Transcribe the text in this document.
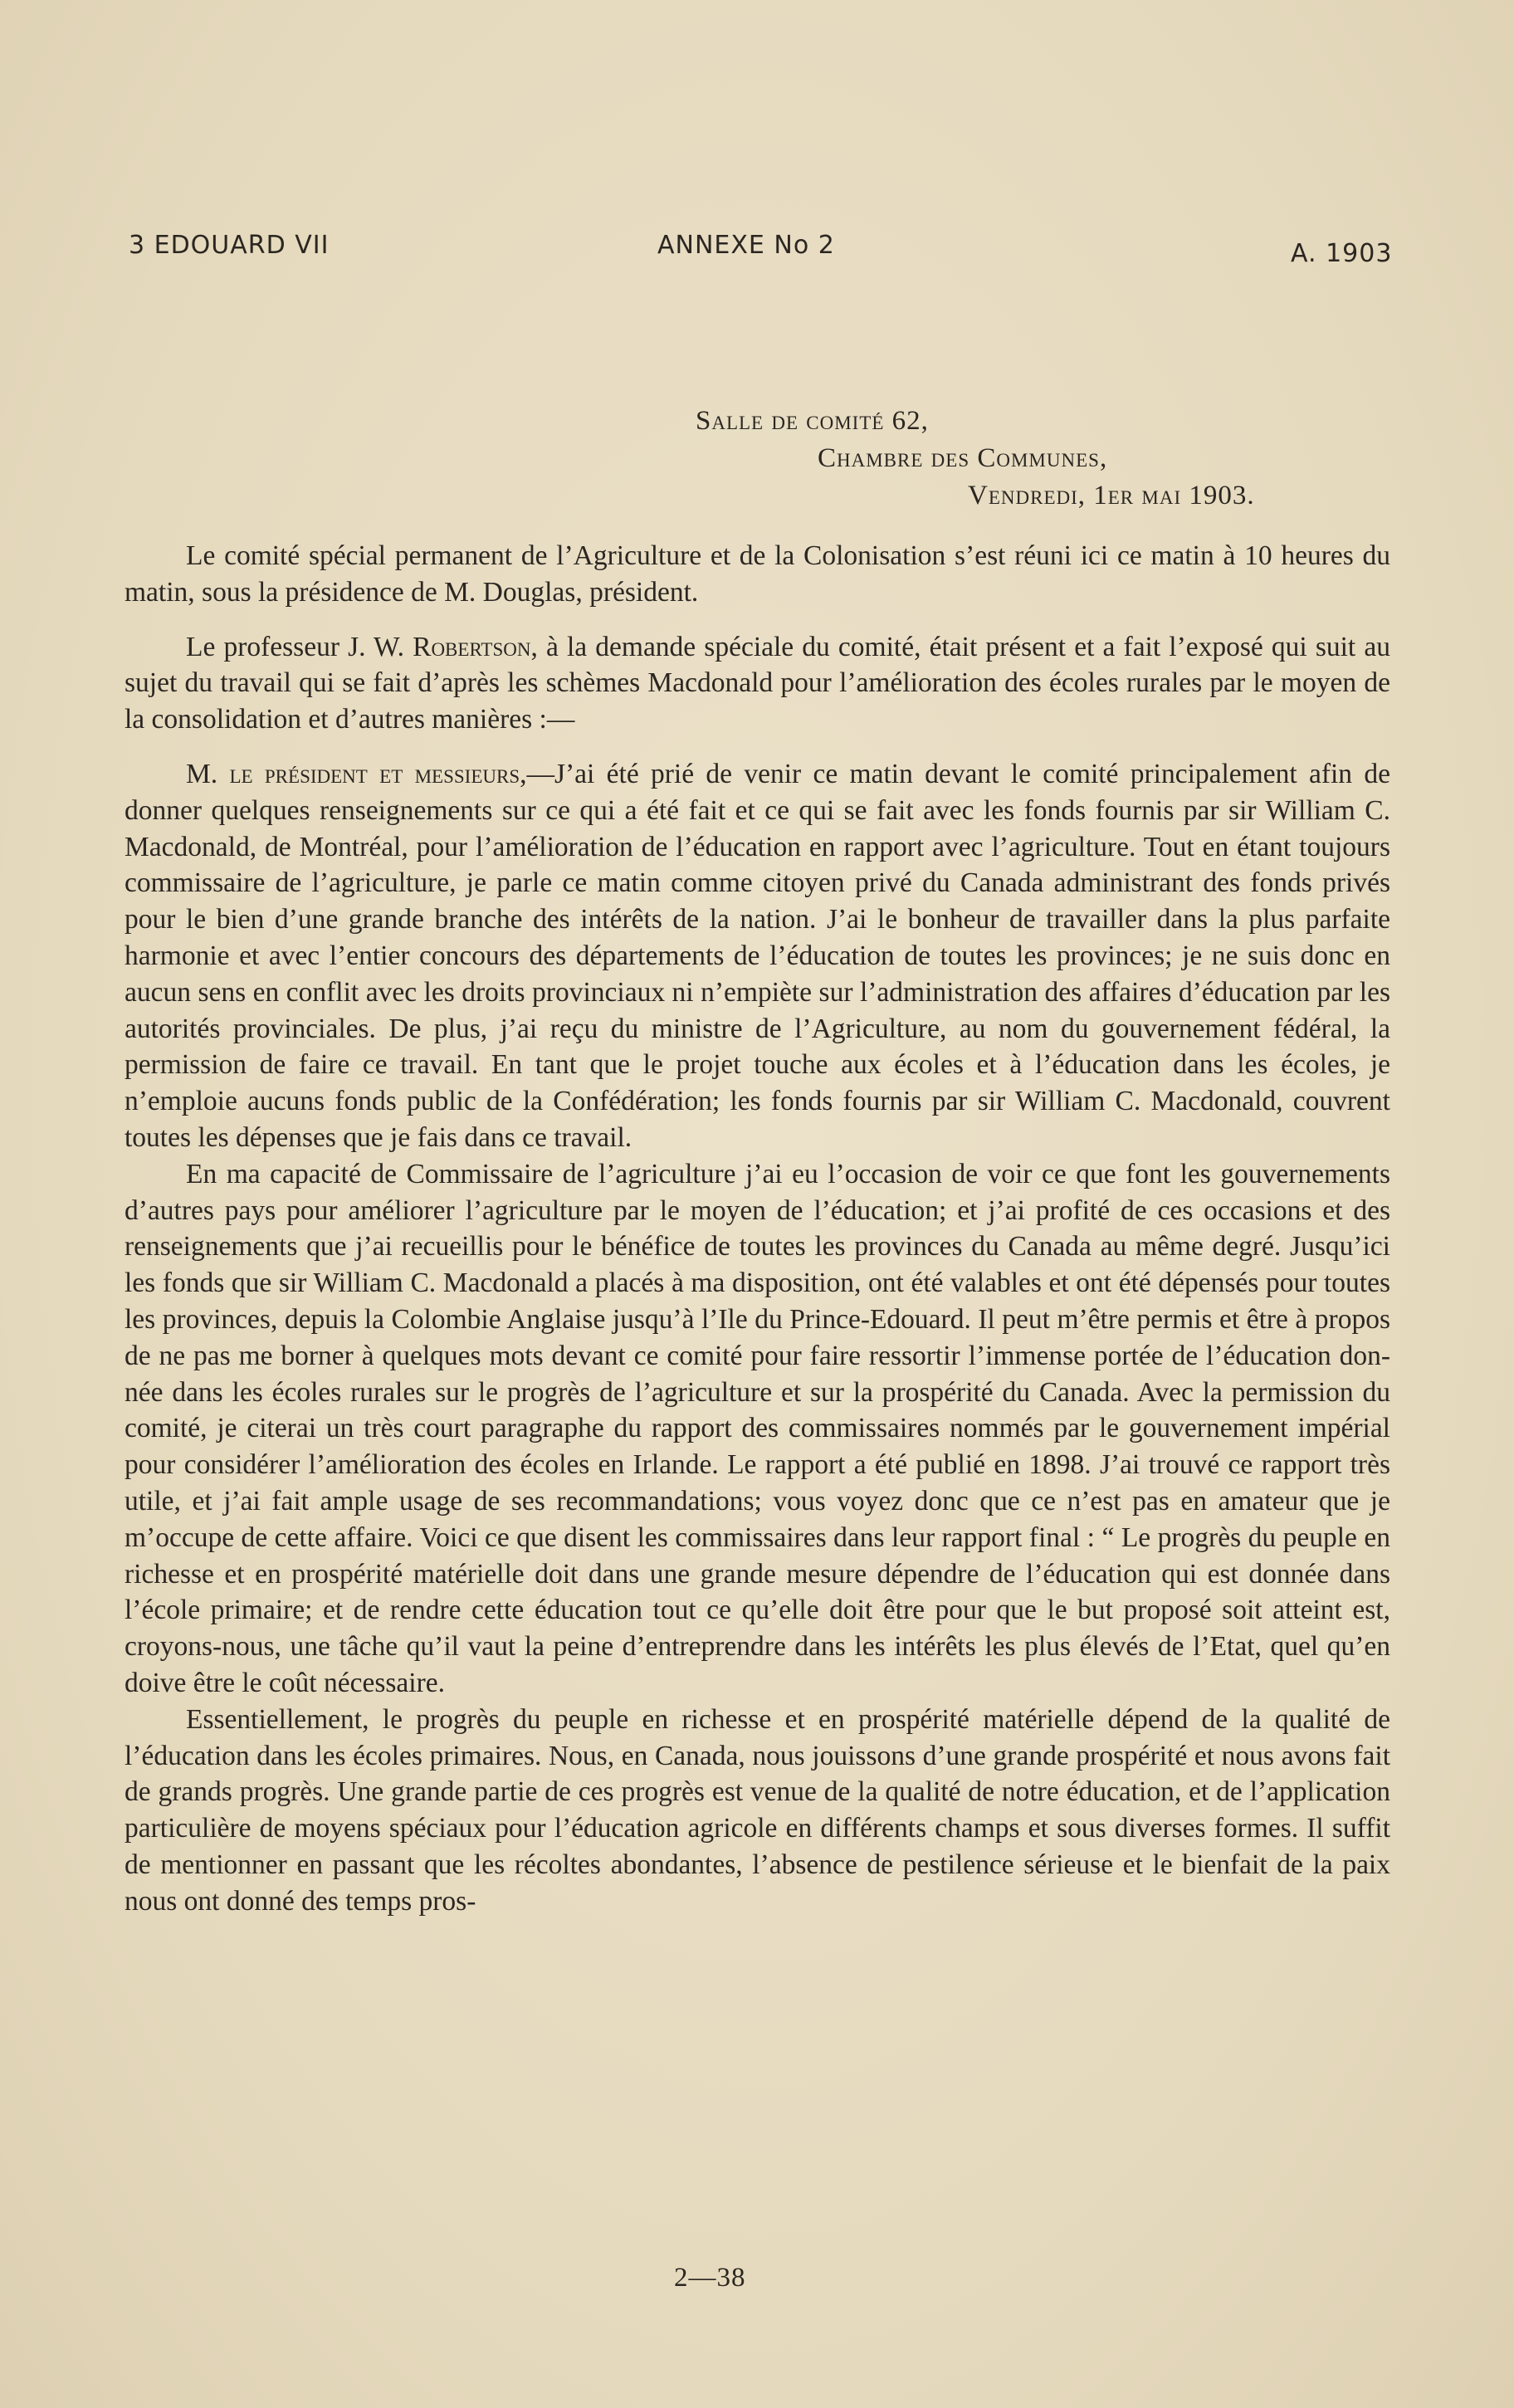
3 EDOUARD VII	ANNEXE No 2	A. 1903
Salle de comité 62,
Chambre des Communes,
Vendredi, 1er mai 1903.

Le comité spécial permanent de l’Agriculture et de la Colonisation s’est réuni ici ce matin à 10 heures du matin, sous la présidence de M. Douglas, président.

Le professeur J. W. Robertson, à la demande spéciale du comité, était présent et a fait l’exposé qui suit au sujet du travail qui se fait d’après les schèmes Macdonald pour l’amélioration des écoles rurales par le moyen de la consolidation et d’autres manières :—

M. le président et messieurs,—J’ai été prié de venir ce matin devant le comité principalement afin de donner quelques renseignements sur ce qui a été fait et ce qui se fait avec les fonds fournis par sir William C. Macdonald, de Montréal, pour l’amélioration de l’éducation en rapport avec l’agriculture. Tout en étant toujours commissaire de l’agriculture, je parle ce matin comme citoyen privé du Canada administrant des fonds privés pour le bien d’une grande branche des intérêts de la nation. J’ai le bonheur de travailler dans la plus parfaite harmonie et avec l’entier concours des départements de l’éducation de toutes les provinces; je ne suis donc en aucun sens en conflit avec les droits provinciaux ni n’empiète sur l’administration des affaires d’éducation par les autorités provinciales. De plus, j’ai reçu du ministre de l’Agriculture, au nom du gouvernement fédéral, la permission de faire ce travail. En tant que le projet touche aux écoles et à l’éducation dans les écoles, je n’emploie aucuns fonds public de la Confédération; les fonds fournis par sir William C. Macdonald, couvrent toutes les dépenses que je fais dans ce travail.

En ma capacité de Commissaire de l’agriculture j’ai eu l’occasion de voir ce que font les gouvernements d’autres pays pour améliorer l’agriculture par le moyen de l’éducation; et j’ai profité de ces occasions et des renseignements que j’ai recueillis pour le bénéfice de toutes les provinces du Canada au même degré. Jusqu’ici les fonds que sir William C. Macdonald a placés à ma disposition, ont été valables et ont été dépensés pour toutes les provinces, depuis la Colombie Anglaise jusqu’à l’Ile du Prince-Edouard. Il peut m’être permis et être à propos de ne pas me borner à quelques mots devant ce comité pour faire ressortir l’immense portée de l’éducation donnée dans les écoles rurales sur le progrès de l’agriculture et sur la prospérité du Canada. Avec la permission du comité, je citerai un très court paragraphe du rapport des commissaires nommés par le gouvernement impérial pour considérer l’amélioration des écoles en Irlande. Le rapport a été publié en 1898. J’ai trouvé ce rapport très utile, et j’ai fait ample usage de ses recommandations; vous voyez donc que ce n’est pas en amateur que je m’occupe de cette affaire. Voici ce que disent les commissaires dans leur rapport final : “ Le progrès du peuple en richesse et en prospérité matérielle doit dans une grande mesure dépendre de l’éducation qui est donnée dans l’école primaire; et de rendre cette éducation tout ce qu’elle doit être pour que le but proposé soit atteint est, croyons-nous, une tâche qu’il vaut la peine d’entreprendre dans les intérêts les plus élevés de l’Etat, quel qu’en doive être le coût nécessaire.

Essentiellement, le progrès du peuple en richesse et en prospérité matérielle dépend de la qualité de l’éducation dans les écoles primaires. Nous, en Canada, nous jouissons d’une grande prospérité et nous avons fait de grands progrès. Une grande partie de ces progrès est venue de la qualité de notre éducation, et de l’application particulière de moyens spéciaux pour l’éducation agricole en différents champs et sous diverses formes. Il suffit de mentionner en passant que les récoltes abondantes, l’absence de pestilence sérieuse et le bienfait de la paix nous ont donné des temps pros-

2—38
